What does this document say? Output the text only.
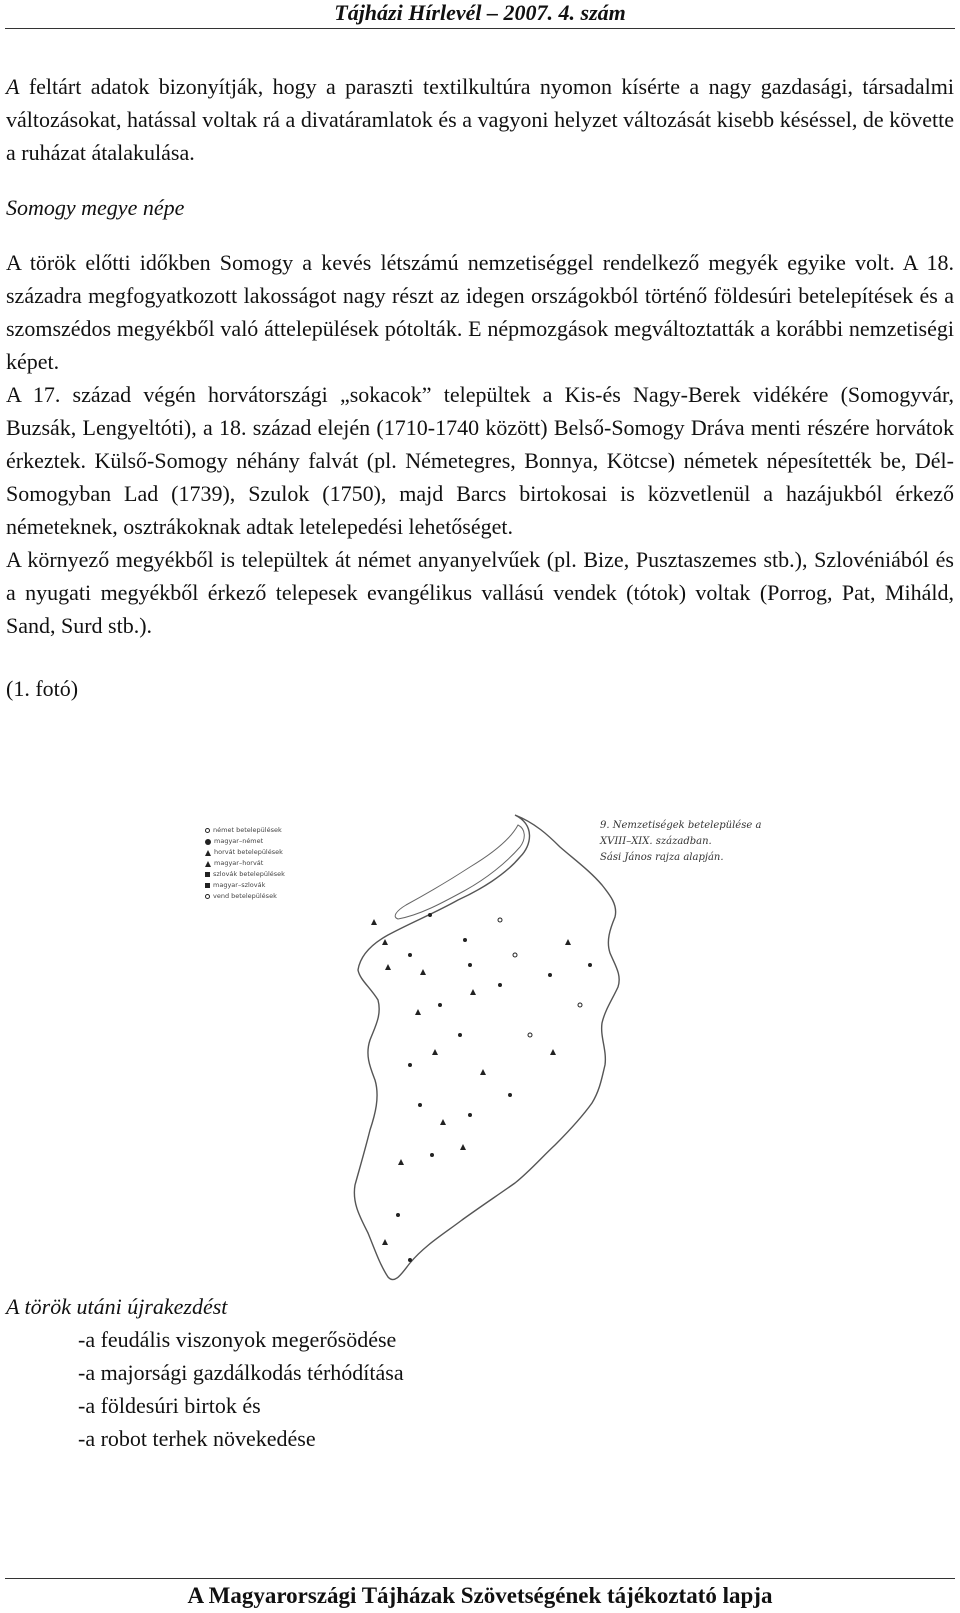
Tájházi Hírlevél – 2007. 4. szám

A feltárt adatok bizonyítják, hogy a paraszti textilkultúra nyomon kísérte a nagy gazdasági, társadalmi változásokat, hatással voltak rá a divatáramlatok és a vagyoni helyzet változását kisebb késéssel, de követte a ruházat átalakulása.

Somogy megye népe

A török előtti időkben Somogy a kevés létszámú nemzetiséggel rendelkező megyék egyike volt. A 18. századra megfogyatkozott lakosságot nagy részt az idegen országokból történő földesúri betelepítések és a szomszédos megyékből való áttelepülések pótolták. E népmozgások megváltoztatták a korábbi nemzetiségi képet.

A 17. század végén horvátországi „sokacok” települtek a Kis-és Nagy-Berek vidékére (Somogyvár, Buzsák, Lengyeltóti), a 18. század elején (1710-1740 között) Belső-Somogy Dráva menti részére horvátok érkeztek. Külső-Somogy néhány falvát (pl. Németegres, Bonnya, Kötcse) németek népesítették be, Dél-Somogyban Lad (1739), Szulok (1750), majd Barcs birtokosai is közvetlenül a hazájukból érkező németeknek, osztrákoknak adtak letelepedési lehetőséget.

A környező megyékből is települtek át német anyanyelvűek (pl. Bize, Pusztaszemes stb.), Szlovéniából és a nyugati megyékből érkező telepesek evangélikus vallású vendek (tótok) voltak (Porrog, Pat, Miháld, Sand, Surd stb.).

(1. fotó)

német betelepülések
magyar–német
horvát betelepülések
magyar–horvát
szlovák betelepülések
magyar–szlovák
vend betelepülések
9. Nemzetiségek betelepülése a
XVIII–XIX. században.
Sási János rajza alapján.
A török utáni újrakezdést
-a feudális viszonyok megerősödése
-a majorsági gazdálkodás térhódítása
-a földesúri birtok és
-a robot terhek növekedése
A Magyarországi Tájházak Szövetségének tájékoztató lapja
